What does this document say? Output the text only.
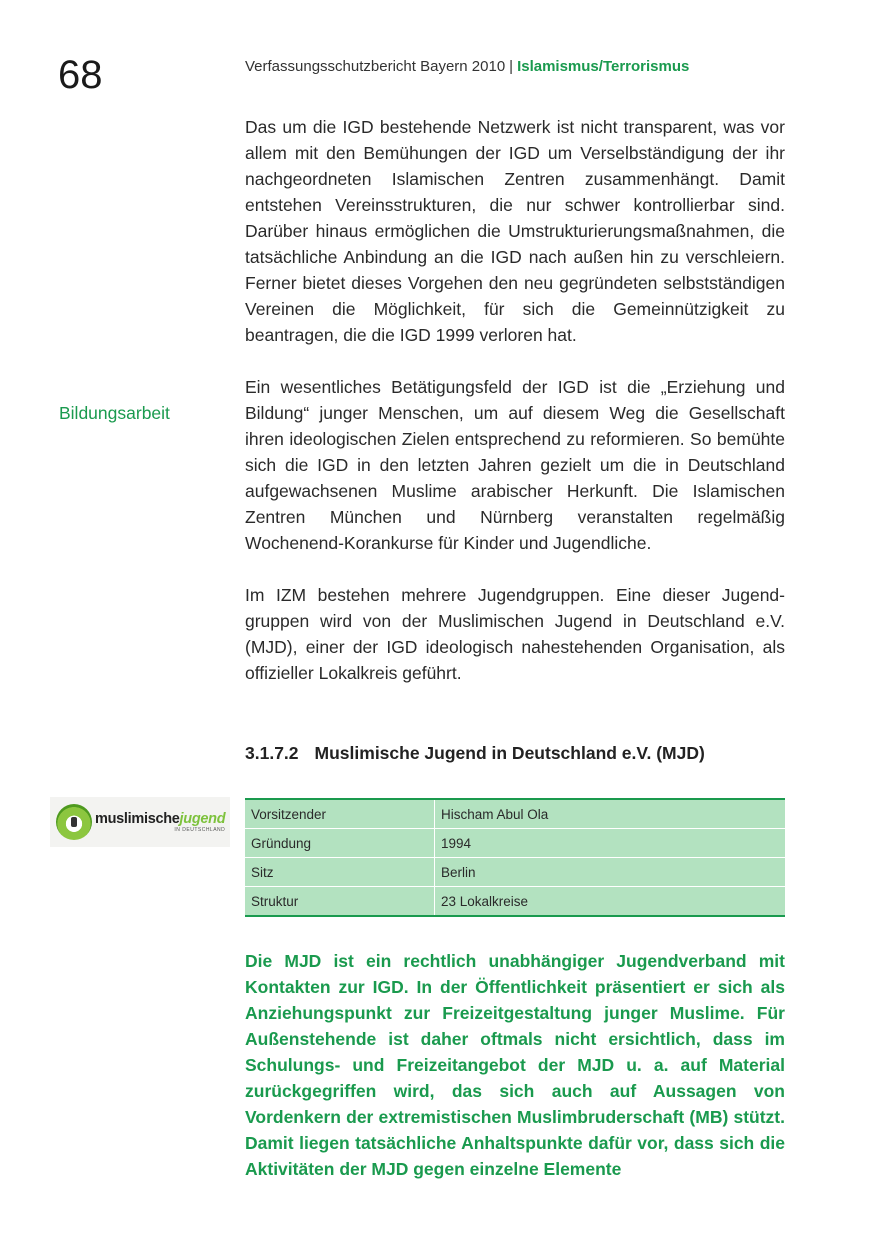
68	Verfassungsschutzbericht Bayern 2010 | Islamismus/Terrorismus

Das um die IGD bestehende Netzwerk ist nicht transparent, was vor allem mit den Bemühungen der IGD um Verselbständigung der ihr nachgeordneten Islamischen Zentren zusammenhängt. Damit entstehen Vereinsstrukturen, die nur schwer kontrollierbar sind. Darüber hinaus ermöglichen die Umstrukturierungsmaßnahmen, die tatsächliche Anbindung an die IGD nach außen hin zu verschleiern. Ferner bietet dieses Vorgehen den neu gegründeten selbstständigen Vereinen die Möglichkeit, für sich die Gemeinnützigkeit zu beantragen, die die IGD 1999 verloren hat.

Bildungsarbeit

Ein wesentliches Betätigungsfeld der IGD ist die „Erziehung und Bildung“ junger Menschen, um auf diesem Weg die Gesellschaft ihren ideologischen Zielen entsprechend zu reformieren. So bemühte sich die IGD in den letzten Jahren gezielt um die in Deutschland aufgewachsenen Muslime arabischer Herkunft. Die Islamischen Zentren München und Nürnberg veranstalten regelmäßig Wochenend-Korankurse für Kinder und Jugendliche.

Im IZM bestehen mehrere Jugendgruppen. Eine dieser Jugendgruppen wird von der Muslimischen Jugend in Deutschland e.V. (MJD), einer der IGD ideologisch nahestehenden Organisation, als offizieller Lokalkreis geführt.

3.1.7.2 Muslimische Jugend in Deutschland e.V. (MJD)
muslimische jugend
IN DEUTSCHLAND
Vorsitzender	Hischam Abul Ola
Gründung	1994
Sitz	Berlin
Struktur	23 Lokalkreise

Die MJD ist ein rechtlich unabhängiger Jugendverband mit Kontakten zur IGD. In der Öffentlichkeit präsentiert er sich als Anziehungspunkt zur Freizeitgestaltung junger Muslime. Für Außenstehende ist daher oftmals nicht ersichtlich, dass im Schulungs- und Freizeitangebot der MJD u. a. auf Material zurückgegriffen wird, das sich auch auf Aussagen von Vordenkern der extremistischen Muslimbruderschaft (MB) stützt. Damit liegen tatsächliche Anhaltspunkte dafür vor, dass sich die Aktivitäten der MJD gegen einzelne Elemente
